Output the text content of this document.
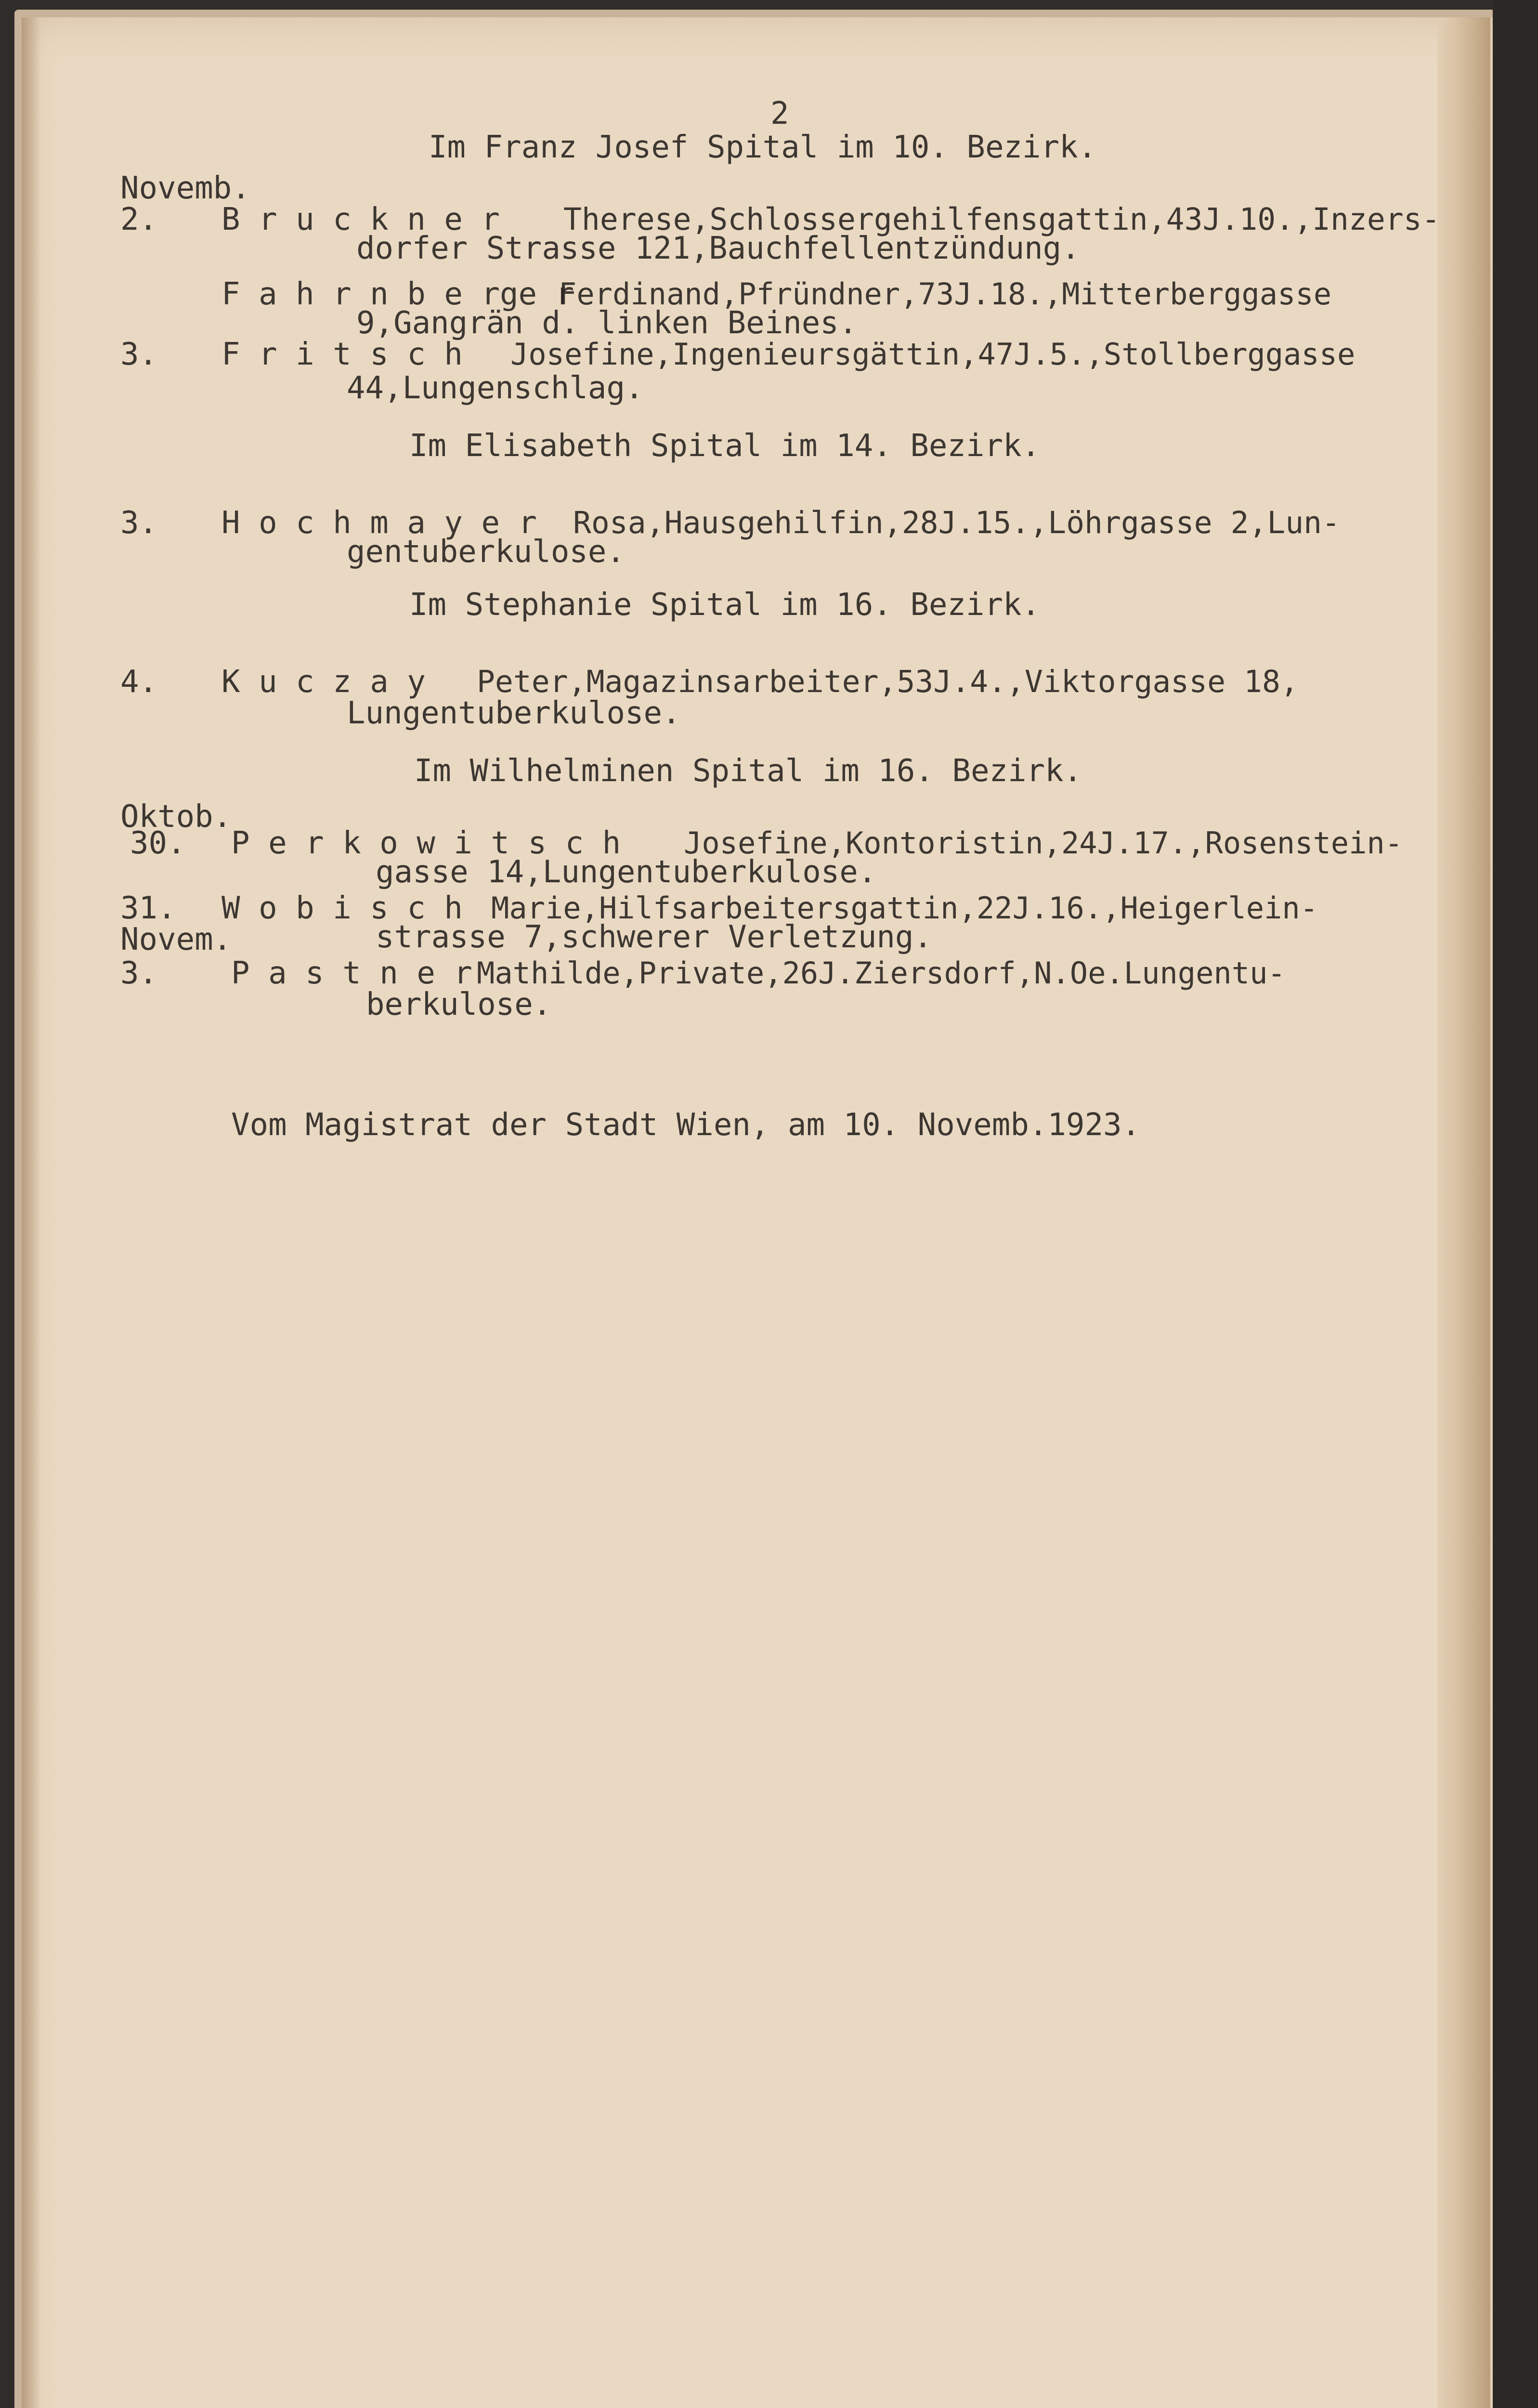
2
Im Franz Josef Spital im 10. Bezirk.
Novemb.
2. B r u c k n e r Therese,Schlossergehilfensgattin,43J.10.,Inzers-
dorfer Strasse 121,Bauchfellentzündung.
F a h r n b e rge r
Ferdinand,Pfründner,73J.18.,Mitterberggasse
9,Gangrän d. linken Beines.
3. F r i t s c h Josefine,Ingenieursgättin,47J.5.,Stollberggasse
44,Lungenschlag.
Im Elisabeth Spital im 14. Bezirk.
3. H o c h m a y e r Rosa,Hausgehilfin,28J.15.,Löhrgasse 2,Lun-
gentuberkulose.
Im Stephanie Spital im 16. Bezirk.
4. K u c z a y Peter,Magazinsarbeiter,53J.4.,Viktorgasse 18,
Lungentuberkulose.
Im Wilhelminen Spital im 16. Bezirk.
Oktob.
30. P e r k o w i t s c h Josefine,Kontoristin,24J.17.,Rosenstein-
gasse 14,Lungentuberkulose.
31. W o b i s c h Marie,Hilfsarbeitersgattin,22J.16.,Heigerlein-
Novem.	strasse 7,schwerer Verletzung.
3. P a s t n e r Mathilde,Private,26J.Ziersdorf,N.Oe.Lungentu-
berkulose.
Vom Magistrat der Stadt Wien, am 10. Novemb.1923.
